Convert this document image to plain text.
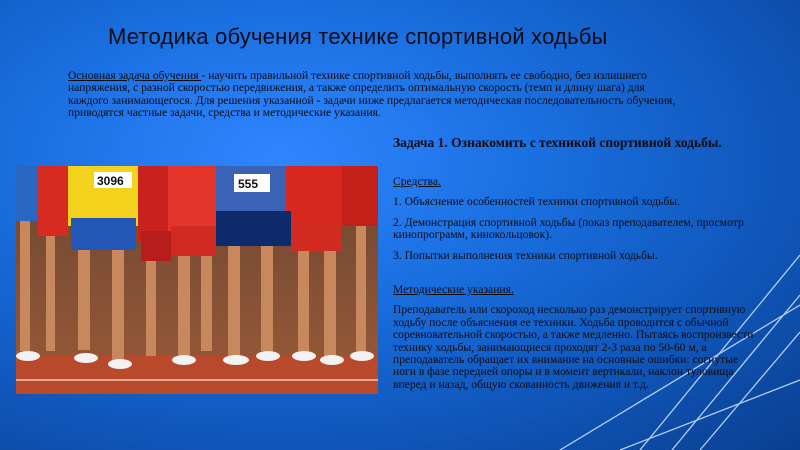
Методика обучения технике спортивной ходьбы
Основная задача обучения - научить правильной технике спортивной ходьбы, выполнять ее свободно, без излишнего напряжения, с разной скоростью передвижения, а также определить оптимальную скорость (темп и длину шага) для каждого занимающегося. Для решения указанной - задачи ниже предлагается методическая последовательность обучения, приводятся частные задачи, средства и методические указания.
3096	555
Задача 1. Ознакомить с техникой спортивной ходьбы.

Средства.

1. Объяснение особенностей техники спортивной ходьбы.

2. Демонстрация спортивной ходьбы (показ преподавателем, просмотр кинопрограмм, кинокольцовок).

3. Попытки выполнения техники спортивной ходьбы.

Методические указания.

Преподаватель или скороход несколько раз демонстрирует спортивную ходьбу после объяснения ее техники. Ходьба проводится с обычной соревновательной скоростью, а также медленно. Пытаясь воспроизвести технику ходьбы, занимающиеся проходят 2-3 раза по 50-60 м, а преподаватель обращает их внимание на основные ошибки: согнутые ноги в фазе передней опоры и в момент вертикали, наклон туловища вперед и назад, общую скованность движения и т.д.
